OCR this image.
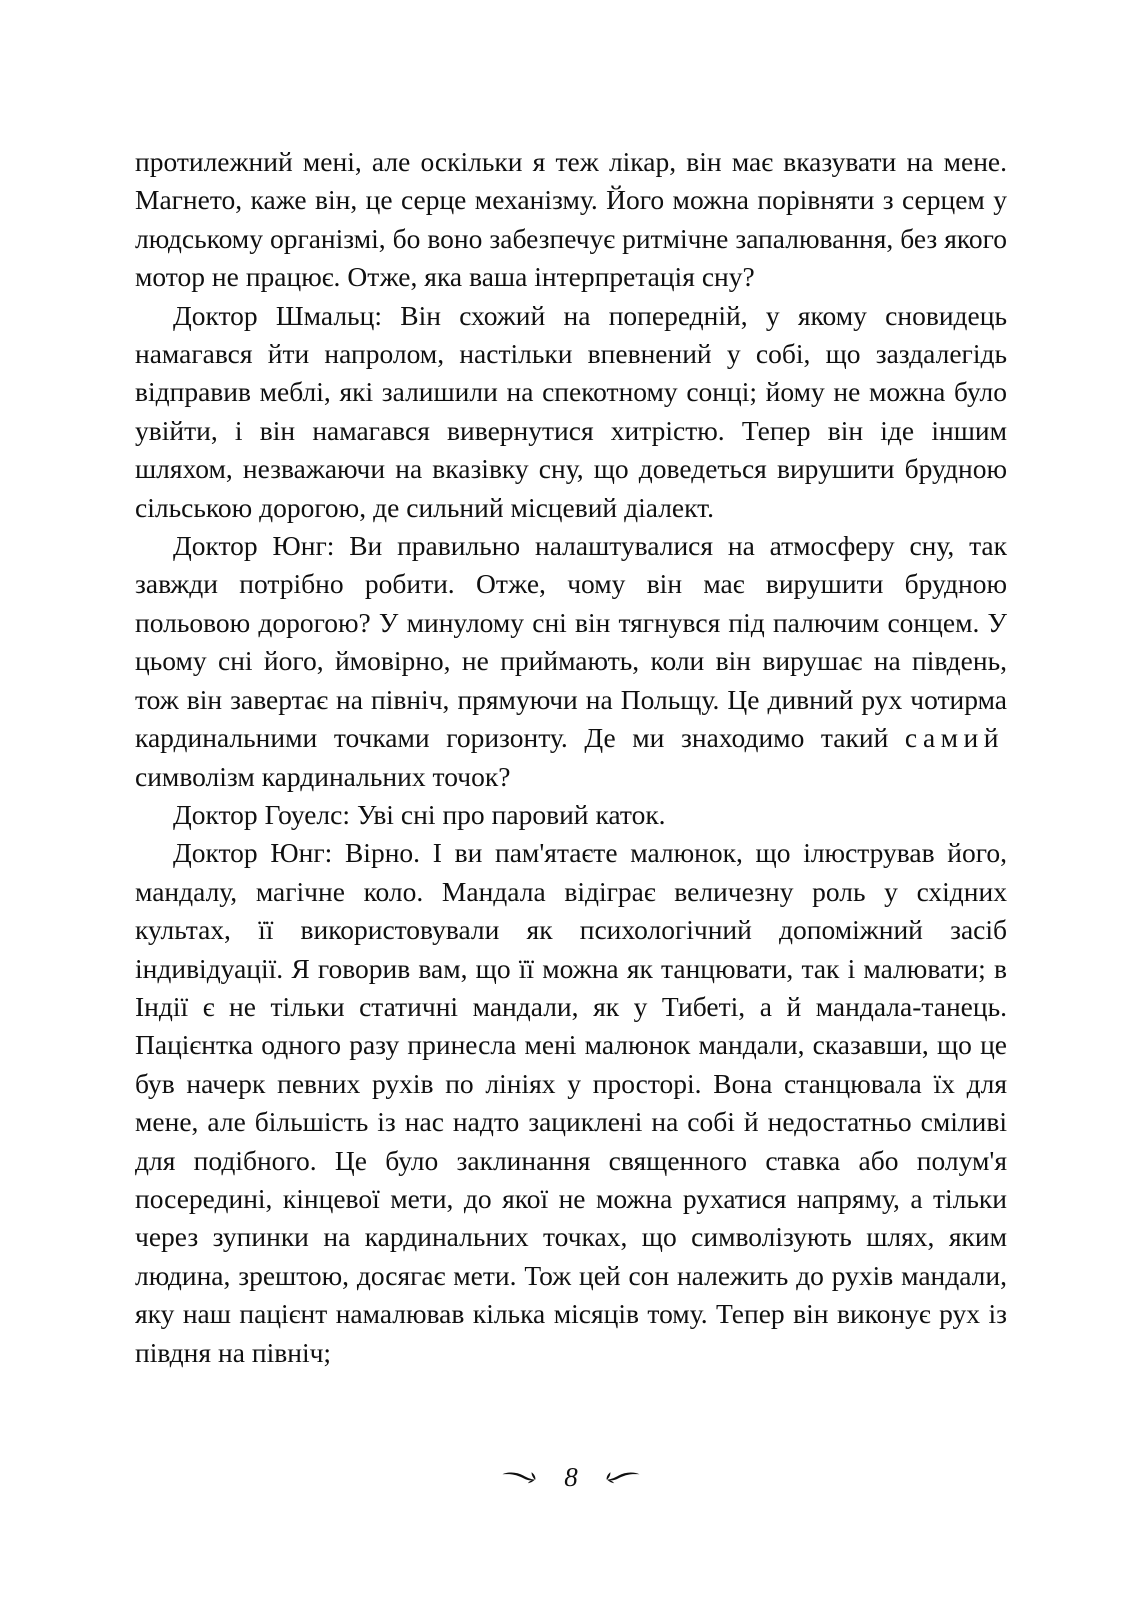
протилежний мені, але оскільки я теж лікар, він має вказувати на мене. Магнето, каже він, це серце механізму. Його можна порівняти з серцем у людському організмі, бо воно забезпечує ритмічне запалювання, без якого мотор не працює. Отже, яка ваша інтерпретація сну?

Доктор Шмальц: Він схожий на попередній, у якому сновидець намагався йти напролом, настільки впевнений у собі, що заздалегідь відправив меблі, які залишили на спекотному сонці; йому не можна було увійти, і він намагався вивернутися хитрістю. Тепер він іде іншим шляхом, незважаючи на вказівку сну, що доведеться вирушити брудною сільською дорогою, де сильний місцевий діалект.

Доктор Юнг: Ви правильно налаштувалися на атмосферу сну, так завжди потрібно робити. Отже, чому він має вирушити брудною польовою дорогою? У минулому сні він тягнувся під палючим сонцем. У цьому сні його, ймовірно, не приймають, коли він вирушає на південь, тож він завертає на північ, прямуючи на Польщу. Це дивний рух чотирма кардинальними точками горизонту. Де ми знаходимо такий самий символізм кардинальних точок?

Доктор Гоуелс: Уві сні про паровий каток.

Доктор Юнг: Вірно. І ви пам'ятаєте малюнок, що ілюстрував його, мандалу, магічне коло. Мандала відіграє величезну роль у східних культах, її використовували як психологічний допоміжний засіб індивідуації. Я говорив вам, що її можна як танцювати, так і малювати; в Індії є не тільки статичні мандали, як у Тибеті, а й мандала-танець. Пацієнтка одного разу принесла мені малюнок мандали, сказавши, що це був начерк певних рухів по лініях у просторі. Вона станцювала їх для мене, але більшість із нас надто зациклені на собі й недостатньо сміливі для подібного. Це було заклинання священного ставка або полум'я посередині, кінцевої мети, до якої не можна рухатися напряму, а тільки через зупинки на кардинальних точках, що символізують шлях, яким людина, зрештою, досягає мети. Тож цей сон належить до рухів мандали, яку наш пацієнт намалював кілька місяців тому. Тепер він виконує рух із півдня на північ;

8
